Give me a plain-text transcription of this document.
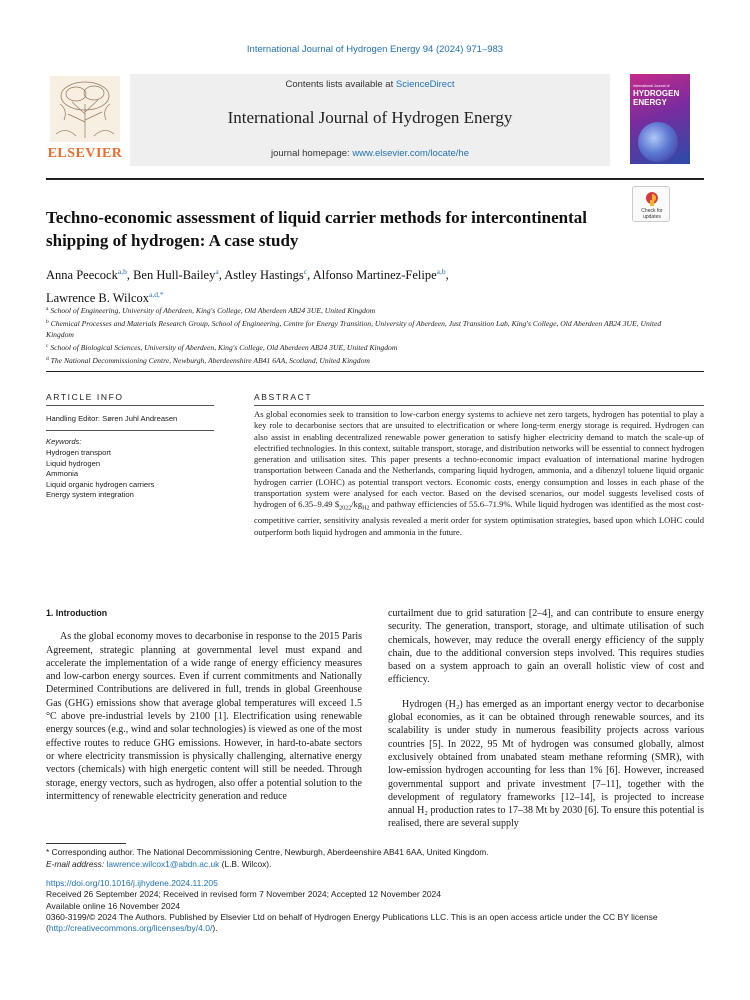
International Journal of Hydrogen Energy 94 (2024) 971–983
ELSEVIER
Contents lists available at ScienceDirect
International Journal of Hydrogen Energy
journal homepage: www.elsevier.com/locate/he
International Journal of
HYDROGEN
ENERGY
Check for
updates
Techno-economic assessment of liquid carrier methods for intercontinental shipping of hydrogen: A case study
Anna Peecock$^{a,b}$, Ben Hull-Bailey$^a$, Astley Hastings$^c$, Alfonso Martinez-Felipe$^{a,b}$,
Lawrence B. Wilcox$^{a,d,*}$

$^a$ School of Engineering, University of Aberdeen, King's College, Old Aberdeen AB24 3UE, United Kingdom

$^b$ Chemical Processes and Materials Research Group, School of Engineering, Centre for Energy Transition, University of Aberdeen, Just Transition Lab, King's College, Old Aberdeen AB24 3UE, United Kingdom

$^c$ School of Biological Sciences, University of Aberdeen, King's College, Old Aberdeen AB24 3UE, United Kingdom

$^d$ The National Decommissioning Centre, Newburgh, Aberdeenshire AB41 6AA, Scotland, United Kingdom

ARTICLE INFO
Handling Editor: Søren Juhl Andreasen
Keywords:
Hydrogen transport
Liquid hydrogen
Ammonia
Liquid organic hydrogen carriers
Energy system integration
ABSTRACT

As global economies seek to transition to low-carbon energy systems to achieve net zero targets, hydrogen has potential to play a key role to decarbonise sectors that are unsuited to electrification or where long-term energy storage is required. Hydrogen can also assist in enabling decentralized renewable power generation to satisfy higher electricity demand to match the scale-up of electrified technologies. In this context, suitable transport, storage, and distribution networks will be essential to connect hydrogen generation and utilisation sites. This paper presents a techno-economic impact evaluation of international marine hydrogen transportation between Canada and the Netherlands, comparing liquid hydrogen, ammonia, and a dibenzyl toluene liquid organic hydrogen carrier (LOHC) as potential transport vectors. Economic costs, energy consumption and losses in each phase of the transportation system were analysed for each vector. Based on the devised scenarios, our model suggests levelised costs of hydrogen of 6.35–9.49 $\$_{2022}/kg_{H2}$ and pathway efficiencies of 55.6–71.9%. While liquid hydrogen was identified as the most cost-competitive carrier, sensitivity analysis revealed a merit order for system optimisation strategies, based upon which LOHC could outperform both liquid hydrogen and ammonia in the future.

1. Introduction

As the global economy moves to decarbonise in response to the 2015 Paris Agreement, strategic planning at governmental level must expand and accelerate the implementation of a wide range of energy efficiency measures and low-carbon energy sources. Even if current commitments and Nationally Determined Contributions are delivered in full, trends in global Greenhouse Gas (GHG) emissions show that average global temperatures will exceed 1.5 °C above pre-industrial levels by 2100 [1]. Electrification using renewable energy sources (e.g., wind and solar technologies) is viewed as one of the most effective routes to reduce GHG emissions. However, in hard-to-abate sectors or where electricity transmission is physically challenging, alternative energy vectors (chemicals) with high energetic content will still be needed. Through storage, energy vectors, such as hydrogen, also offer a potential solution to the intermittency of renewable electricity generation and reduce

curtailment due to grid saturation [2–4], and can contribute to ensure energy security. The generation, transport, storage, and ultimate utilisation of such chemicals, however, may reduce the overall energy efficiency of the supply chain, due to the additional conversion steps involved. This requires studies based on a system approach to gain an overall holistic view of cost and efficiency.

Hydrogen (H₂) has emerged as an important energy vector to decarbonise global economies, as it can be obtained through renewable sources, and its scalability is under study in numerous feasibility projects across various countries [5]. In 2022, 95 Mt of hydrogen was consumed globally, almost exclusively obtained from unabated steam methane reforming (SMR), with low-emission hydrogen accounting for less than 1% [6]. However, increased governmental support and private investment [7–11], together with the development of regulatory frameworks [12–14], is projected to increase annual H₂ production rates to 17–38 Mt by 2030 [6]. To ensure this potential is realised, there are several supply

* Corresponding author. The National Decommissioning Centre, Newburgh, Aberdeenshire AB41 6AA, United Kingdom.
E-mail address: lawrence.wilcox1@abdn.ac.uk (L.B. Wilcox).
https://doi.org/10.1016/j.ijhydene.2024.11.205
Received 26 September 2024; Received in revised form 7 November 2024; Accepted 12 November 2024
Available online 16 November 2024
0360-3199/© 2024 The Authors. Published by Elsevier Ltd on behalf of Hydrogen Energy Publications LLC. This is an open access article under the CC BY license (http://creativecommons.org/licenses/by/4.0/).
